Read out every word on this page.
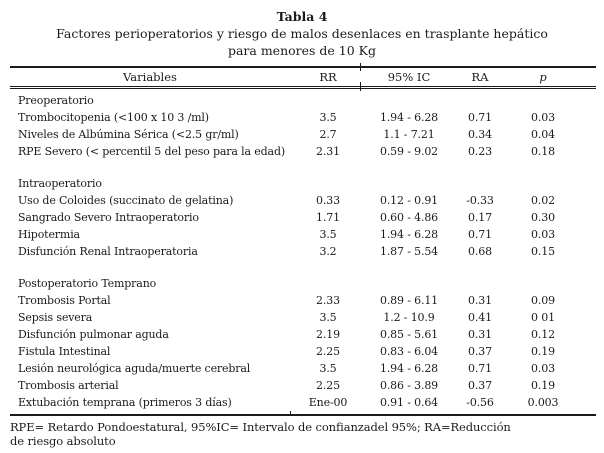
Tabla 4
Factores perioperatorios y riesgo de malos desenlaces en trasplante hepático
para menores de 10 Kg
Variables	RR	95% IC	RA	p
Preoperatorio
Trombocitopenia (<100 x 10 3 /ml)	3.5	1.94 - 6.28	0.71	0.03
Niveles de Albúmina Sérica (<2.5 gr/ml)	2.7	1.1 - 7.21	0.34	0.04
RPE Severo (< percentil 5 del peso para la edad)	2.31	0.59 - 9.02	0.23	0.18
Intraoperatorio
Uso de Coloides (succinato de gelatina)	0.33	0.12 - 0.91	-0.33	0.02
Sangrado Severo Intraoperatorio	1.71	0.60 - 4.86	0.17	0.30
Hipotermia	3.5	1.94 - 6.28	0.71	0.03
Disfunción Renal Intraoperatoria	3.2	1.87 - 5.54	0.68	0.15
Postoperatorio Temprano
Trombosis Portal	2.33	0.89 - 6.11	0.31	0.09
Sepsis severa	3.5	1.2 - 10.9	0.41	0 01
Disfunción pulmonar aguda	2.19	0.85 - 5.61	0.31	0.12
Fistula Intestinal	2.25	0.83 - 6.04	0.37	0.19
Lesión neurológica aguda/muerte cerebral	3.5	1.94 - 6.28	0.71	0.03
Trombosis arterial	2.25	0.86 - 3.89	0.37	0.19
Extubación temprana (primeros 3 días)	Ene-00	0.91 - 0.64	-0.56	0.003
RPE= Retardo Pondoestatural, 95%IC= Intervalo de confianzadel 95%; RA=Reducción
de riesgo absoluto
